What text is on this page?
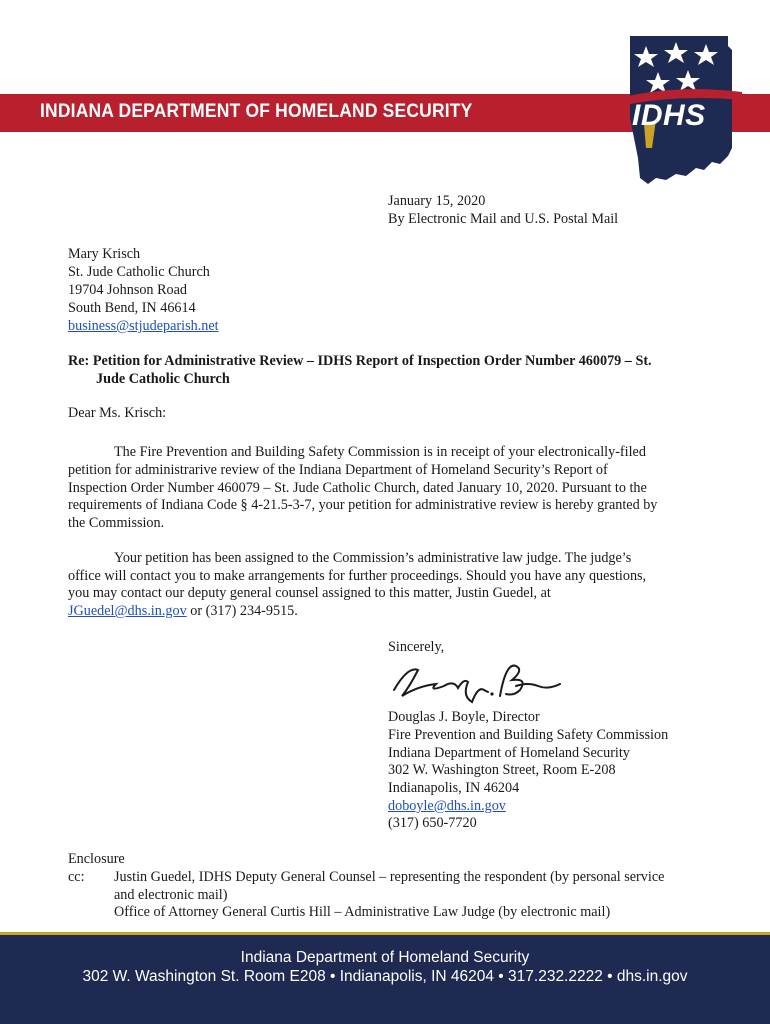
INDIANA DEPARTMENT OF HOMELAND SECURITY	IDHS
January 15, 2020
By Electronic Mail and U.S. Postal Mail
Mary Krisch
St. Jude Catholic Church
19704 Johnson Road
South Bend, IN 46614
business@stjudeparish.net
Re: Petition for Administrative Review – IDHS Report of Inspection Order Number 460079 – St.
Jude Catholic Church
Dear Ms. Krisch:
The Fire Prevention and Building Safety Commission is in receipt of your electronically-filed
petition for administrarive review of the Indiana Department of Homeland Security’s Report of
Inspection Order Number 460079 – St. Jude Catholic Church, dated January 10, 2020. Pursuant to the
requirements of Indiana Code § 4-21.5-3-7, your petition for administrative review is hereby granted by
the Commission.
Your petition has been assigned to the Commission’s administrative law judge. The judge’s
office will contact you to make arrangements for further proceedings. Should you have any questions,
you may contact our deputy general counsel assigned to this matter, Justin Guedel, at
JGuedel@dhs.in.gov or (317) 234-9515.
Sincerely,
Douglas J. Boyle, Director
Fire Prevention and Building Safety Commission
Indiana Department of Homeland Security
302 W. Washington Street, Room E-208
Indianapolis, IN 46204
doboyle@dhs.in.gov
(317) 650-7720
Enclosure
cc: Justin Guedel, IDHS Deputy General Counsel – representing the respondent (by personal service
and electronic mail)
Office of Attorney General Curtis Hill – Administrative Law Judge (by electronic mail)
Indiana Department of Homeland Security
302 W. Washington St. Room E208 • Indianapolis, IN 46204 • 317.232.2222 • dhs.in.gov
